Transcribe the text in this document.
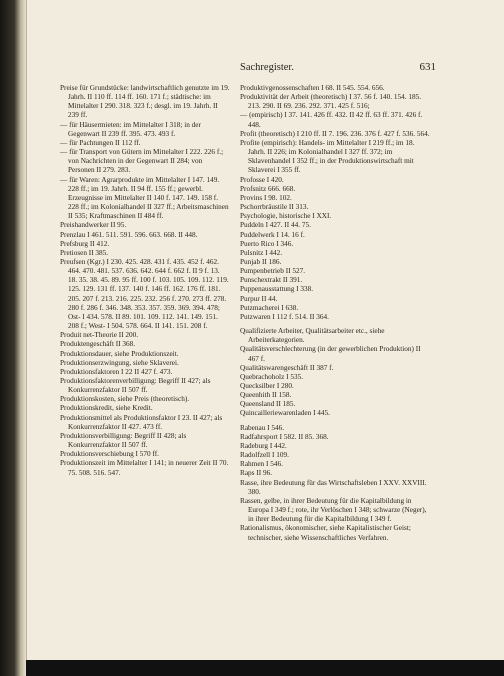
Sachregister.	631

Preise für Grundstücke: landwirtschaftlich genutzte im 19. Jahrh. II 110 ff. 114 ff. 160. 171 f.; städtische: im Mittelalter I 290. 318. 323 f.; desgl. im 19. Jahrh. II 239 ff.

— für Häusermieten: im Mittelalter I 318; in der Gegenwart II 239 ff. 395. 473. 493 f.

— für Pachtungen II 112 ff.

— für Transport von Gütern im Mittelalter I 222. 226 f.; von Nachrichten in der Gegenwart II 284; von Personen II 279. 283.

— für Waren: Agrarprodukte im Mittelalter I 147. 149. 228 ff.; im 19. Jahrh. II 94 ff. 155 ff.; gewerbl. Erzeugnisse im Mittelalter II 140 f. 147. 149. 158 f. 228 ff.; im Kolonialhandel II 327 ff.; Arbeitsmaschinen II 535; Kraftmaschinen II 484 ff.

Preishandwerker II 95.

Prenzlau I 461. 511. 591. 596. 663. 668. II 448.

Prefsburg II 412.

Pretiosen II 385.

Preufsen (Kgr.) I 230. 425. 428. 431 f. 435. 452 f. 462. 464. 470. 481. 537. 636. 642. 644 f. 662 f. II 9 f. 13. 18. 35. 38. 45. 89. 95 ff. 100 f. 103. 105. 109. 112. 119. 125. 129. 131 ff. 137. 140 f. 146 ff. 162. 176 ff. 181. 205. 207 f. 213. 216. 225. 232. 256 f. 270. 273 ff. 278. 280 f. 286 f. 346. 348. 353. 357. 359. 369. 394. 478; Ost- I 434. 578. II 89. 101. 109. 112. 141. 149. 151. 208 f.; West- I 504. 578. 664. II 141. 151. 208 f.

Produit net-Theorie II 200.

Produktengeschäft II 368.

Produktionsdauer, siehe Produktionszeit.

Produktionserzwingung, siehe Sklaverei.

Produktionsfaktoren I 22 II 427 f. 473.

Produktionsfaktorenverbilligung: Begriff II 427; als Konkurrenzfaktor II 507 ff.

Produktionskosten, siehe Preis (theoretisch).

Produktionskredit, siehe Kredit.

Produktionsmittel als Produktionsfaktor I 23. II 427; als Konkurrenzfaktor II 427. 473 ff.

Produktionsverbilligung: Begriff II 428; als Konkurrenzfaktor II 507 ff.

Produktionsverschiebung I 570 ff.

Produktionszeit im Mittelalter I 141; in neuerer Zeit II 70. 75. 508. 516. 547.

Produktivgenossenschaften I 68. II 545. 554. 656.

Produktivität der Arbeit (theoretisch) I 37. 56 f. 140. 154. 185. 213. 290. II 69. 236. 292. 371. 425 f. 516;

— (empirisch) I 37. 141. 426 ff. 432. II 42 ff. 63 ff. 371. 426 f. 448.

Profit (theoretisch) I 210 ff. II 7. 196. 236. 376 f. 427 f. 536. 564.

Profite (empirisch): Handels- im Mittelalter I 219 ff.; im 18. Jahrh. II 226; im Kolonialhandel I 327 ff. 372; im Sklavenhandel I 352 ff.; in der Produktionswirtschaft mit Sklaverei I 355 ff.

Profosse I 420.

Profsnitz 666. 668.

Provins I 98. 102.

Pschorrbräustile II 313.

Psychologie, historische I XXI.

Puddeln I 427. II 44. 75.

Puddelwerk I 14. 16 f.

Puerto Rico I 346.

Pulsnitz I 442.

Punjab II 186.

Pumpenbetrieb II 527.

Punschextrakt II 391.

Puppenausstattung I 338.

Purpur II 44.

Putzmacherei I 638.

Putzwaren I 112 f. 514. II 364.

Qualifizierte Arbeiter, Qualitätsarbeiter etc., siehe Arbeiterkategorien.

Qualitätsverschlechterung (in der gewerblichen Produktion) II 467 f.

Qualitätswarengeschäft II 387 f.

Quebrachoholz I 535.

Quecksilber I 280.

Queenhith II 158.

Queensland II 185.

Quincailleriewarenladen I 445.

Rabenau I 546.

Radfahrsport I 582. II 85. 368.

Radeburg I 442.

Radolfzell I 109.

Rahmen I 546.

Raps II 96.

Rasse, ihre Bedeutung für das Wirtschaftsleben I XXV. XXVIII. 380.

Rassen, gelbe, in ihrer Bedeutung für die Kapitalbildung in Europa I 349 f.; rote, ihr Verlöschen I 348; schwarze (Neger), in ihrer Bedeutung für die Kapitalbildung I 349 f.

Rationalismus, ökonomischer, siehe Kapitalistischer Geist; technischer, siehe Wissenschaftliches Verfahren.
